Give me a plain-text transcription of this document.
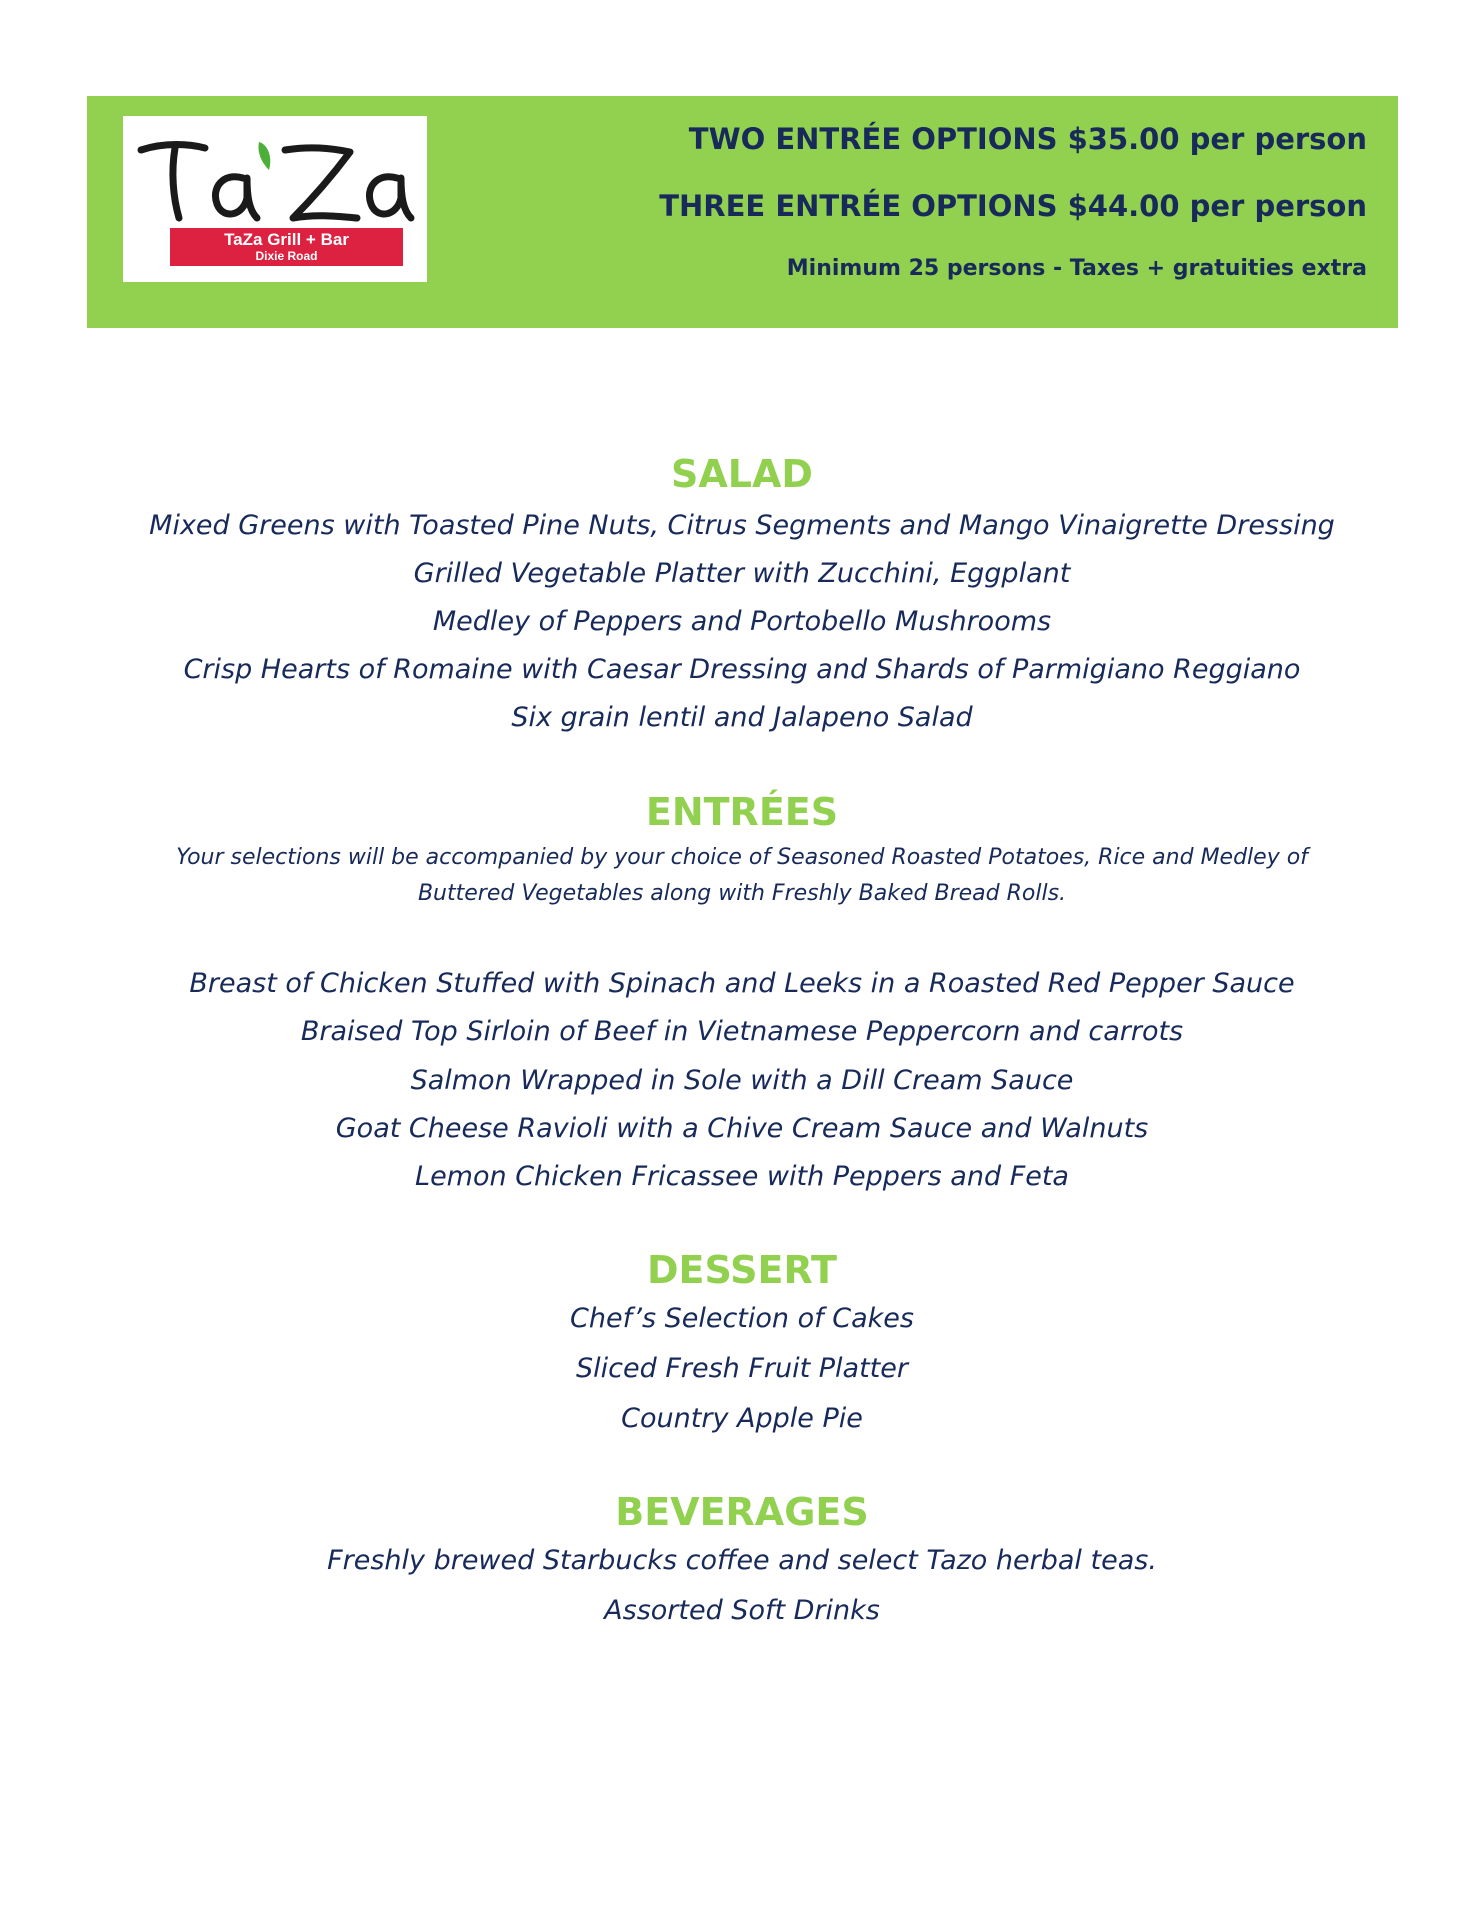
TaZa Grill + Bar
Dixie Road
TWO ENTRÉE OPTIONS $35.00 per person
THREE ENTRÉE OPTIONS $44.00 per person
Minimum 25 persons - Taxes + gratuities extra
SALAD
Mixed Greens with Toasted Pine Nuts, Citrus Segments and Mango Vinaigrette Dressing
Grilled Vegetable Platter with Zucchini, Eggplant
Medley of Peppers and Portobello Mushrooms
Crisp Hearts of Romaine with Caesar Dressing and Shards of Parmigiano Reggiano
Six grain lentil and Jalapeno Salad
ENTRÉES
Your selections will be accompanied by your choice of Seasoned Roasted Potatoes, Rice and Medley of
Buttered Vegetables along with Freshly Baked Bread Rolls.
Breast of Chicken Stuffed with Spinach and Leeks in a Roasted Red Pepper Sauce
Braised Top Sirloin of Beef in Vietnamese Peppercorn and carrots
Salmon Wrapped in Sole with a Dill Cream Sauce
Goat Cheese Ravioli with a Chive Cream Sauce and Walnuts
Lemon Chicken Fricassee with Peppers and Feta
DESSERT
Chef’s Selection of Cakes
Sliced Fresh Fruit Platter
Country Apple Pie
BEVERAGES
Freshly brewed Starbucks coffee and select Tazo herbal teas.
Assorted Soft Drinks
